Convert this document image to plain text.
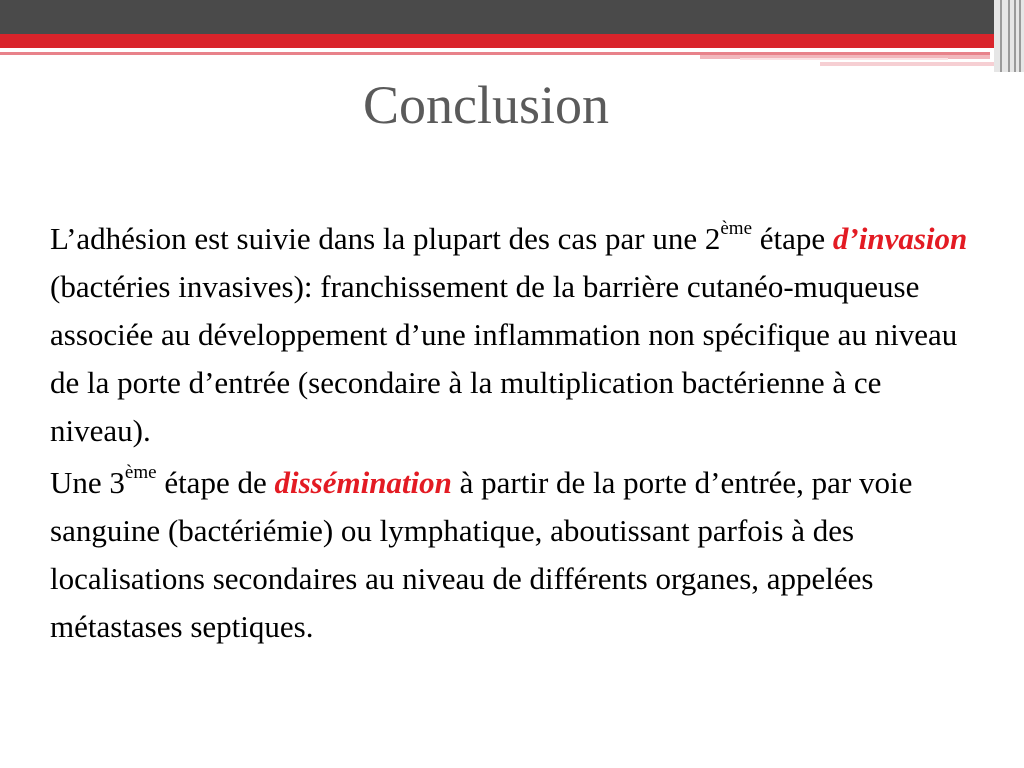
Conclusion

L’adhésion est suivie dans la plupart des cas par une 2ème étape d’invasion (bactéries invasives): franchissement de la barrière cutanéo-muqueuse associée au développement d’une inflammation non spécifique au niveau de la porte d’entrée (secondaire à la multiplication bactérienne à ce niveau).

Une 3ème étape de dissémination à partir de la porte d’entrée, par voie sanguine (bactériémie) ou lymphatique, aboutissant parfois à des localisations secondaires au niveau de différents organes, appelées métastases septiques.
